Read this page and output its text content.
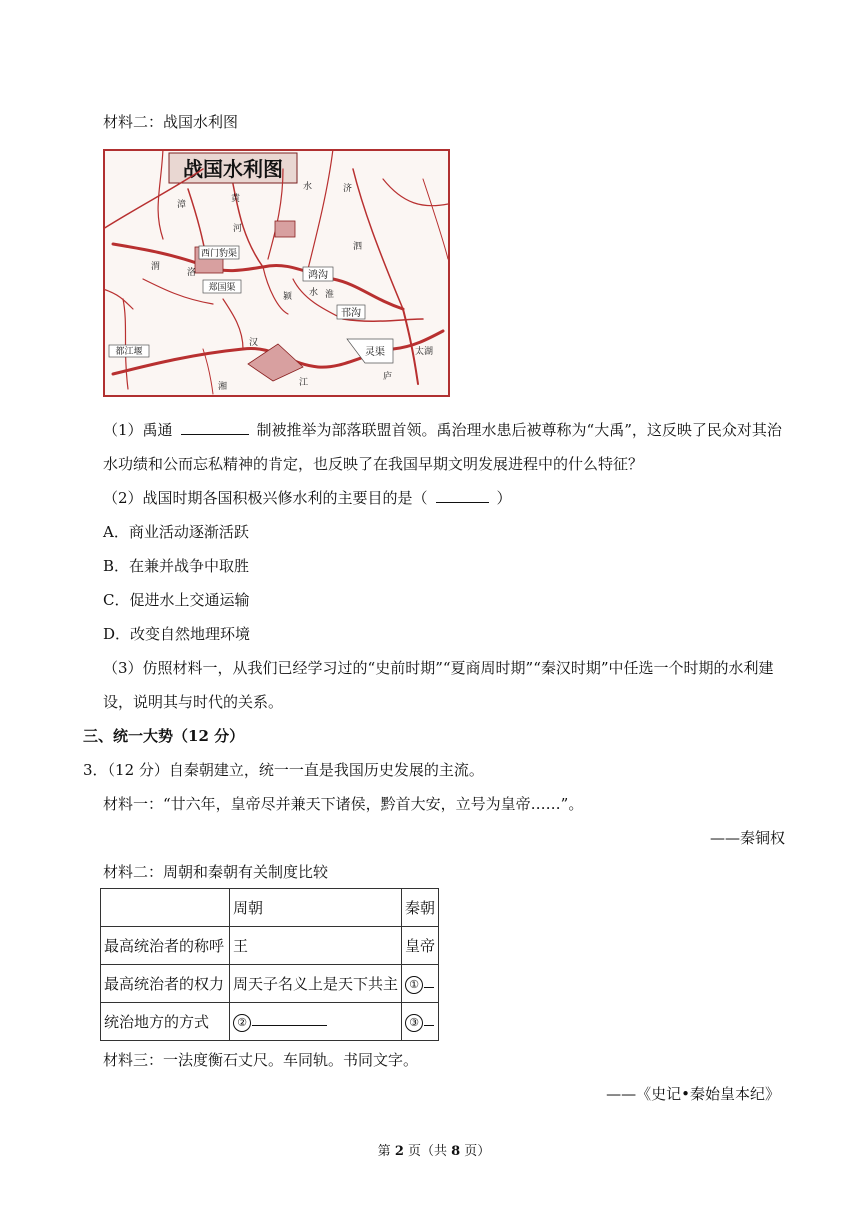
材料二：战国水利图
战国水利图
西门豹渠
郑国渠
鸿沟
邗沟
都江堰	灵渠
黄
河
漳
水	济
渭
洛
淮
水
泗
颍
汉
江
湘
庐
太湖
（1）禹通	制被推举为部落联盟首领。禹治理水患后被尊称为“大禹”，这反映了民众对其治
水功绩和公而忘私精神的肯定，也反映了在我国早期文明发展进程中的什么特征？
（2）战国时期各国积极兴修水利的主要目的是（	）
A．商业活动逐渐活跃
B．在兼并战争中取胜
C．促进水上交通运输
D．改变自然地理环境
（3）仿照材料一，从我们已经学习过的“史前时期”“夏商周时期”“秦汉时期”中任选一个时期的水利建
设，说明其与时代的关系。
三、统一大势（12 分）
3．（12 分）自秦朝建立，统一一直是我国历史发展的主流。
材料一：“廿六年，皇帝尽并兼天下诸侯，黔首大安，立号为皇帝……”。
——秦铜权
材料二：周朝和秦朝有关制度比较
	周朝	秦朝
最高统治者的称呼	王	皇帝
最高统治者的权力	周天子名义上是天下共主	①
统治地方的方式	②	③
材料三：一法度衡石丈尺。车同轨。书同文字。
——《史记•秦始皇本纪》
第 2 页（共 8 页）
